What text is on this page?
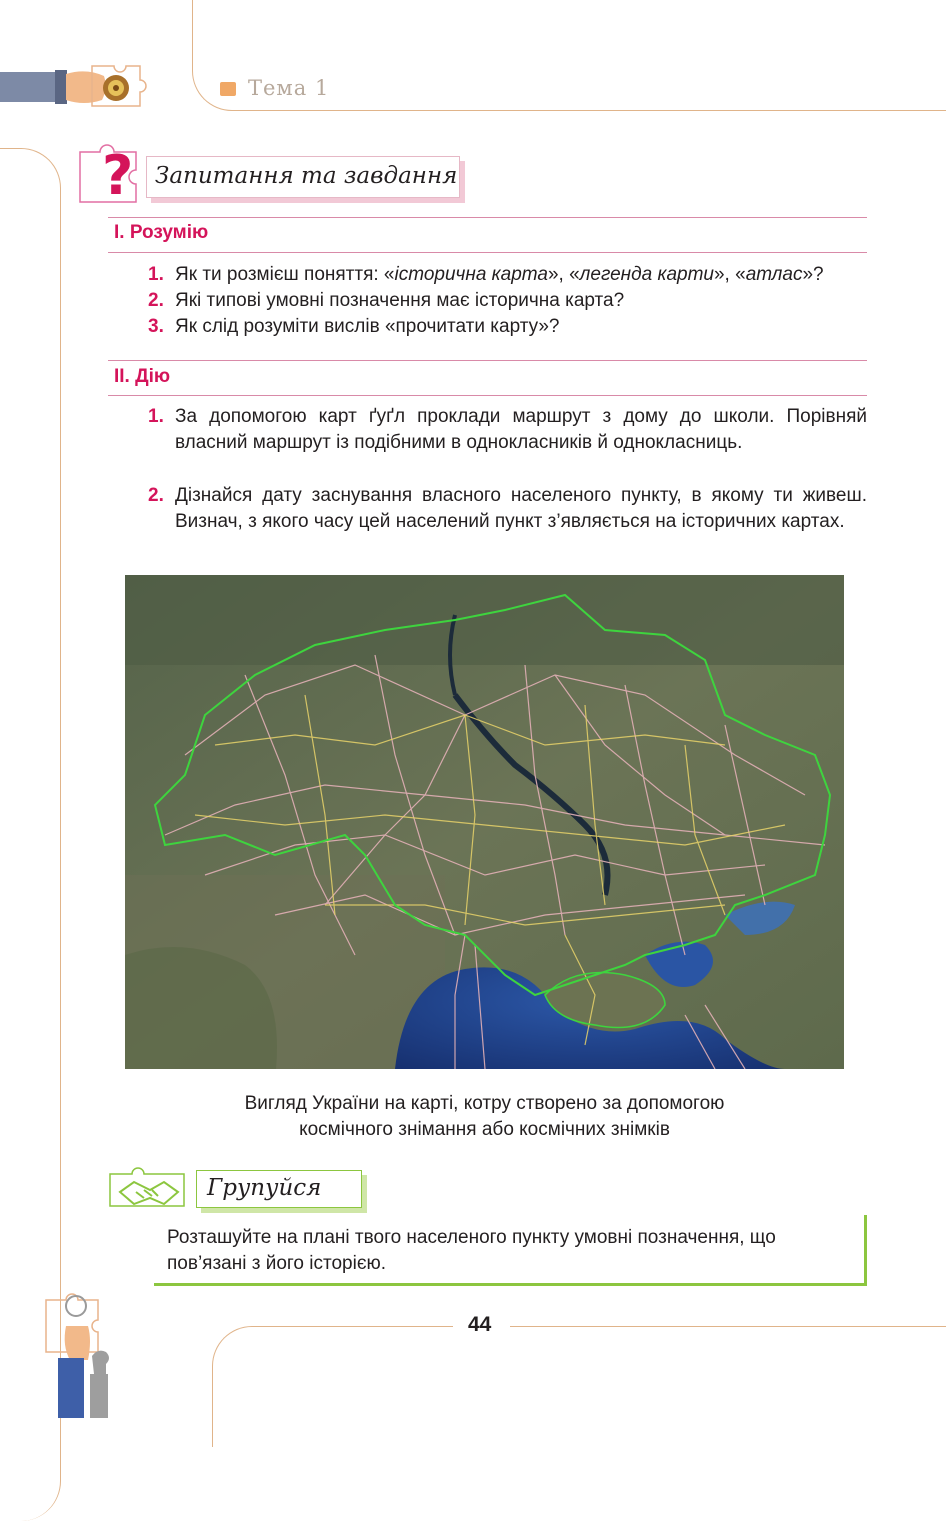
Тема 1
? Запитання та завдання
І. Розумію
1. Як ти розмієш поняття: «історична карта», «легенда карти», «атлас»?
2. Які типові умовні позначення має історична карта?
3. Як слід розуміти вислів «прочитати карту»?
ІІ. Дію
1. За допомогою карт ґуґл проклади маршрут з дому до школи. Порівняй власний маршрут із подібними в однокласників й однокласниць.
2. Дізнайся дату заснування власного населеного пункту, в якому ти живеш. Визнач, з якого часу цей населений пункт з’являється на історичних картах.
Вигляд України на карті, котру створено за допомогою
космічного знімання або космічних знімків
Групуйся
Розташуйте на плані твого населеного пункту умовні позначення, що пов’язані з його історією.
44
